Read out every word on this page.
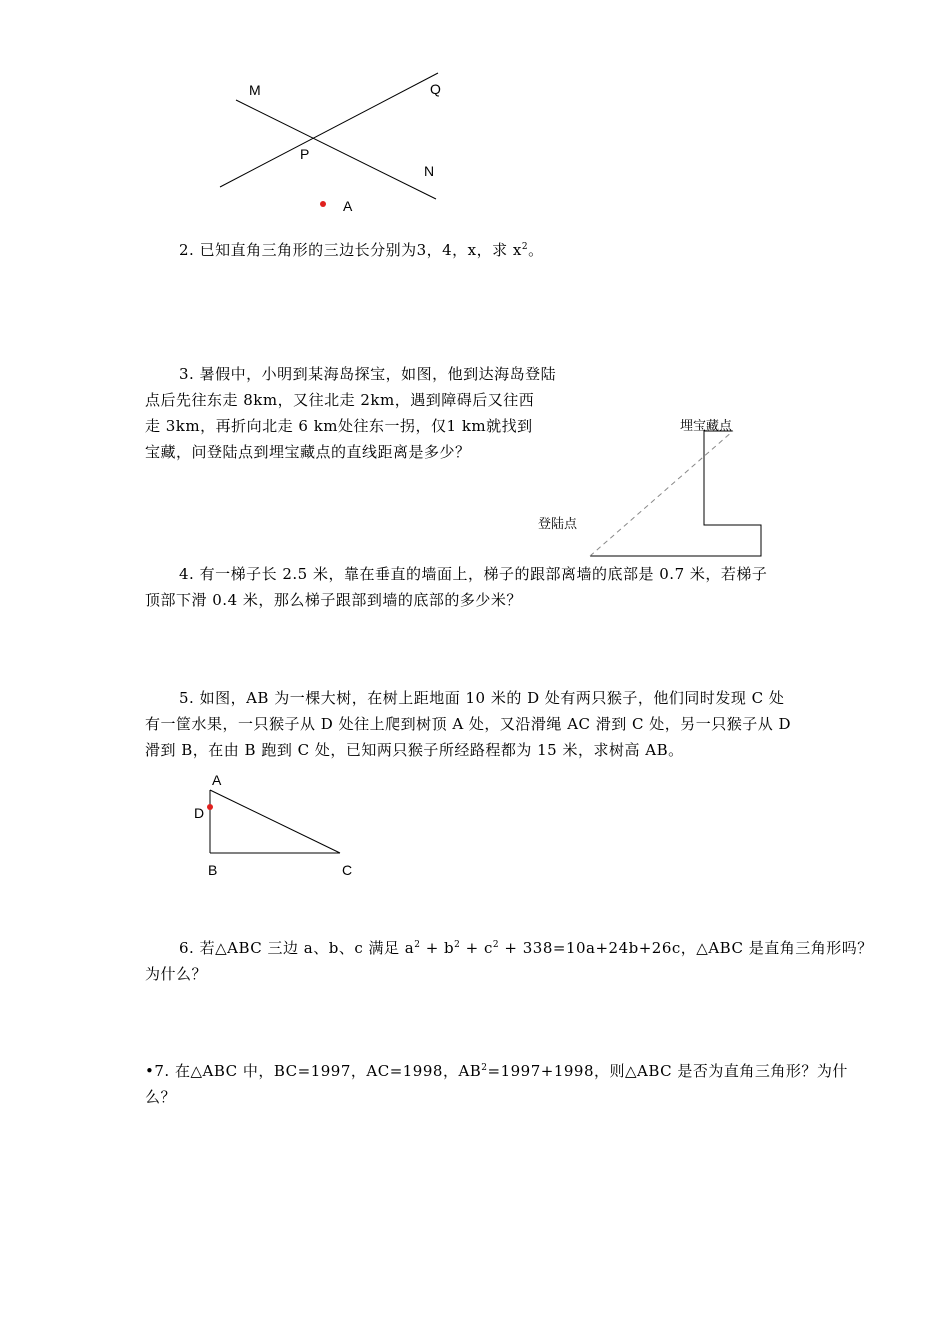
M	Q
P
N
A
2. 已知直角三角形的三边长分别为3，4，x，求 $x^2$。
3. 暑假中，小明到某海岛探宝，如图，他到达海岛登陆
点后先往东走 8km，又往北走 2km，遇到障碍后又往西
走 3km，再折向北走 6 km处往东一拐，仅1 km就找到
宝藏，问登陆点到埋宝藏点的直线距离是多少？
埋宝藏点
登陆点
4. 有一梯子长 2.5 米，靠在垂直的墙面上，梯子的跟部离墙的底部是 0.7 米，若梯子
顶部下滑 0.4 米，那么梯子跟部到墙的底部的多少米？
5. 如图，AB 为一棵大树，在树上距地面 10 米的 D 处有两只猴子，他们同时发现 C 处
有一筐水果，一只猴子从 D 处往上爬到树顶 A 处，又沿滑绳 AC 滑到 C 处，另一只猴子从 D
滑到 B，在由 B 跑到 C 处，已知两只猴子所经路程都为 15 米，求树高 AB。
A
D
B	C
6. 若△ABC 三边 a、b、c 满足 $a^2 + b^2 + c^2 + 338=10a+24b+26c$，△ABC 是直角三角形吗？
为什么？
•7. 在△ABC 中，BC=1997，AC=1998，$AB^2=1997+1998$，则△ABC 是否为直角三角形？为什
么？
